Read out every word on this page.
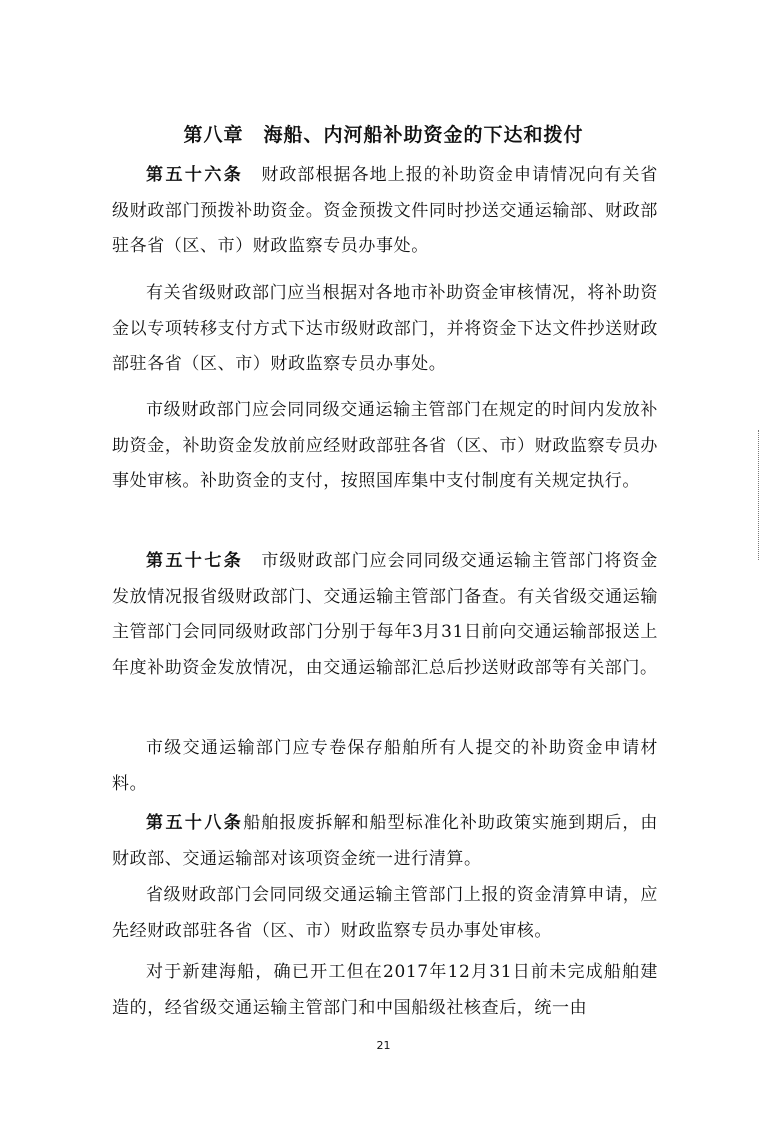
第八章　海船、内河船补助资金的下达和拨付

第五十六条　财政部根据各地上报的补助资金申请情况向有关省级财政部门预拨补助资金。资金预拨文件同时抄送交通运输部、财政部驻各省（区、市）财政监察专员办事处。

有关省级财政部门应当根据对各地市补助资金审核情况，将补助资金以专项转移支付方式下达市级财政部门，并将资金下达文件抄送财政部驻各省（区、市）财政监察专员办事处。

市级财政部门应会同同级交通运输主管部门在规定的时间内发放补助资金，补助资金发放前应经财政部驻各省（区、市）财政监察专员办事处审核。补助资金的支付，按照国库集中支付制度有关规定执行。

第五十七条　市级财政部门应会同同级交通运输主管部门将资金发放情况报省级财政部门、交通运输主管部门备查。有关省级交通运输主管部门会同同级财政部门分别于每年3月31日前向交通运输部报送上年度补助资金发放情况，由交通运输部汇总后抄送财政部等有关部门。

市级交通运输部门应专卷保存船舶所有人提交的补助资金申请材料。

第五十八条船舶报废拆解和船型标准化补助政策实施到期后，由财政部、交通运输部对该项资金统一进行清算。

省级财政部门会同同级交通运输主管部门上报的资金清算申请，应先经财政部驻各省（区、市）财政监察专员办事处审核。

对于新建海船，确已开工但在2017年12月31日前未完成船舶建造的，经省级交通运输主管部门和中国船级社核查后，统一由

21
